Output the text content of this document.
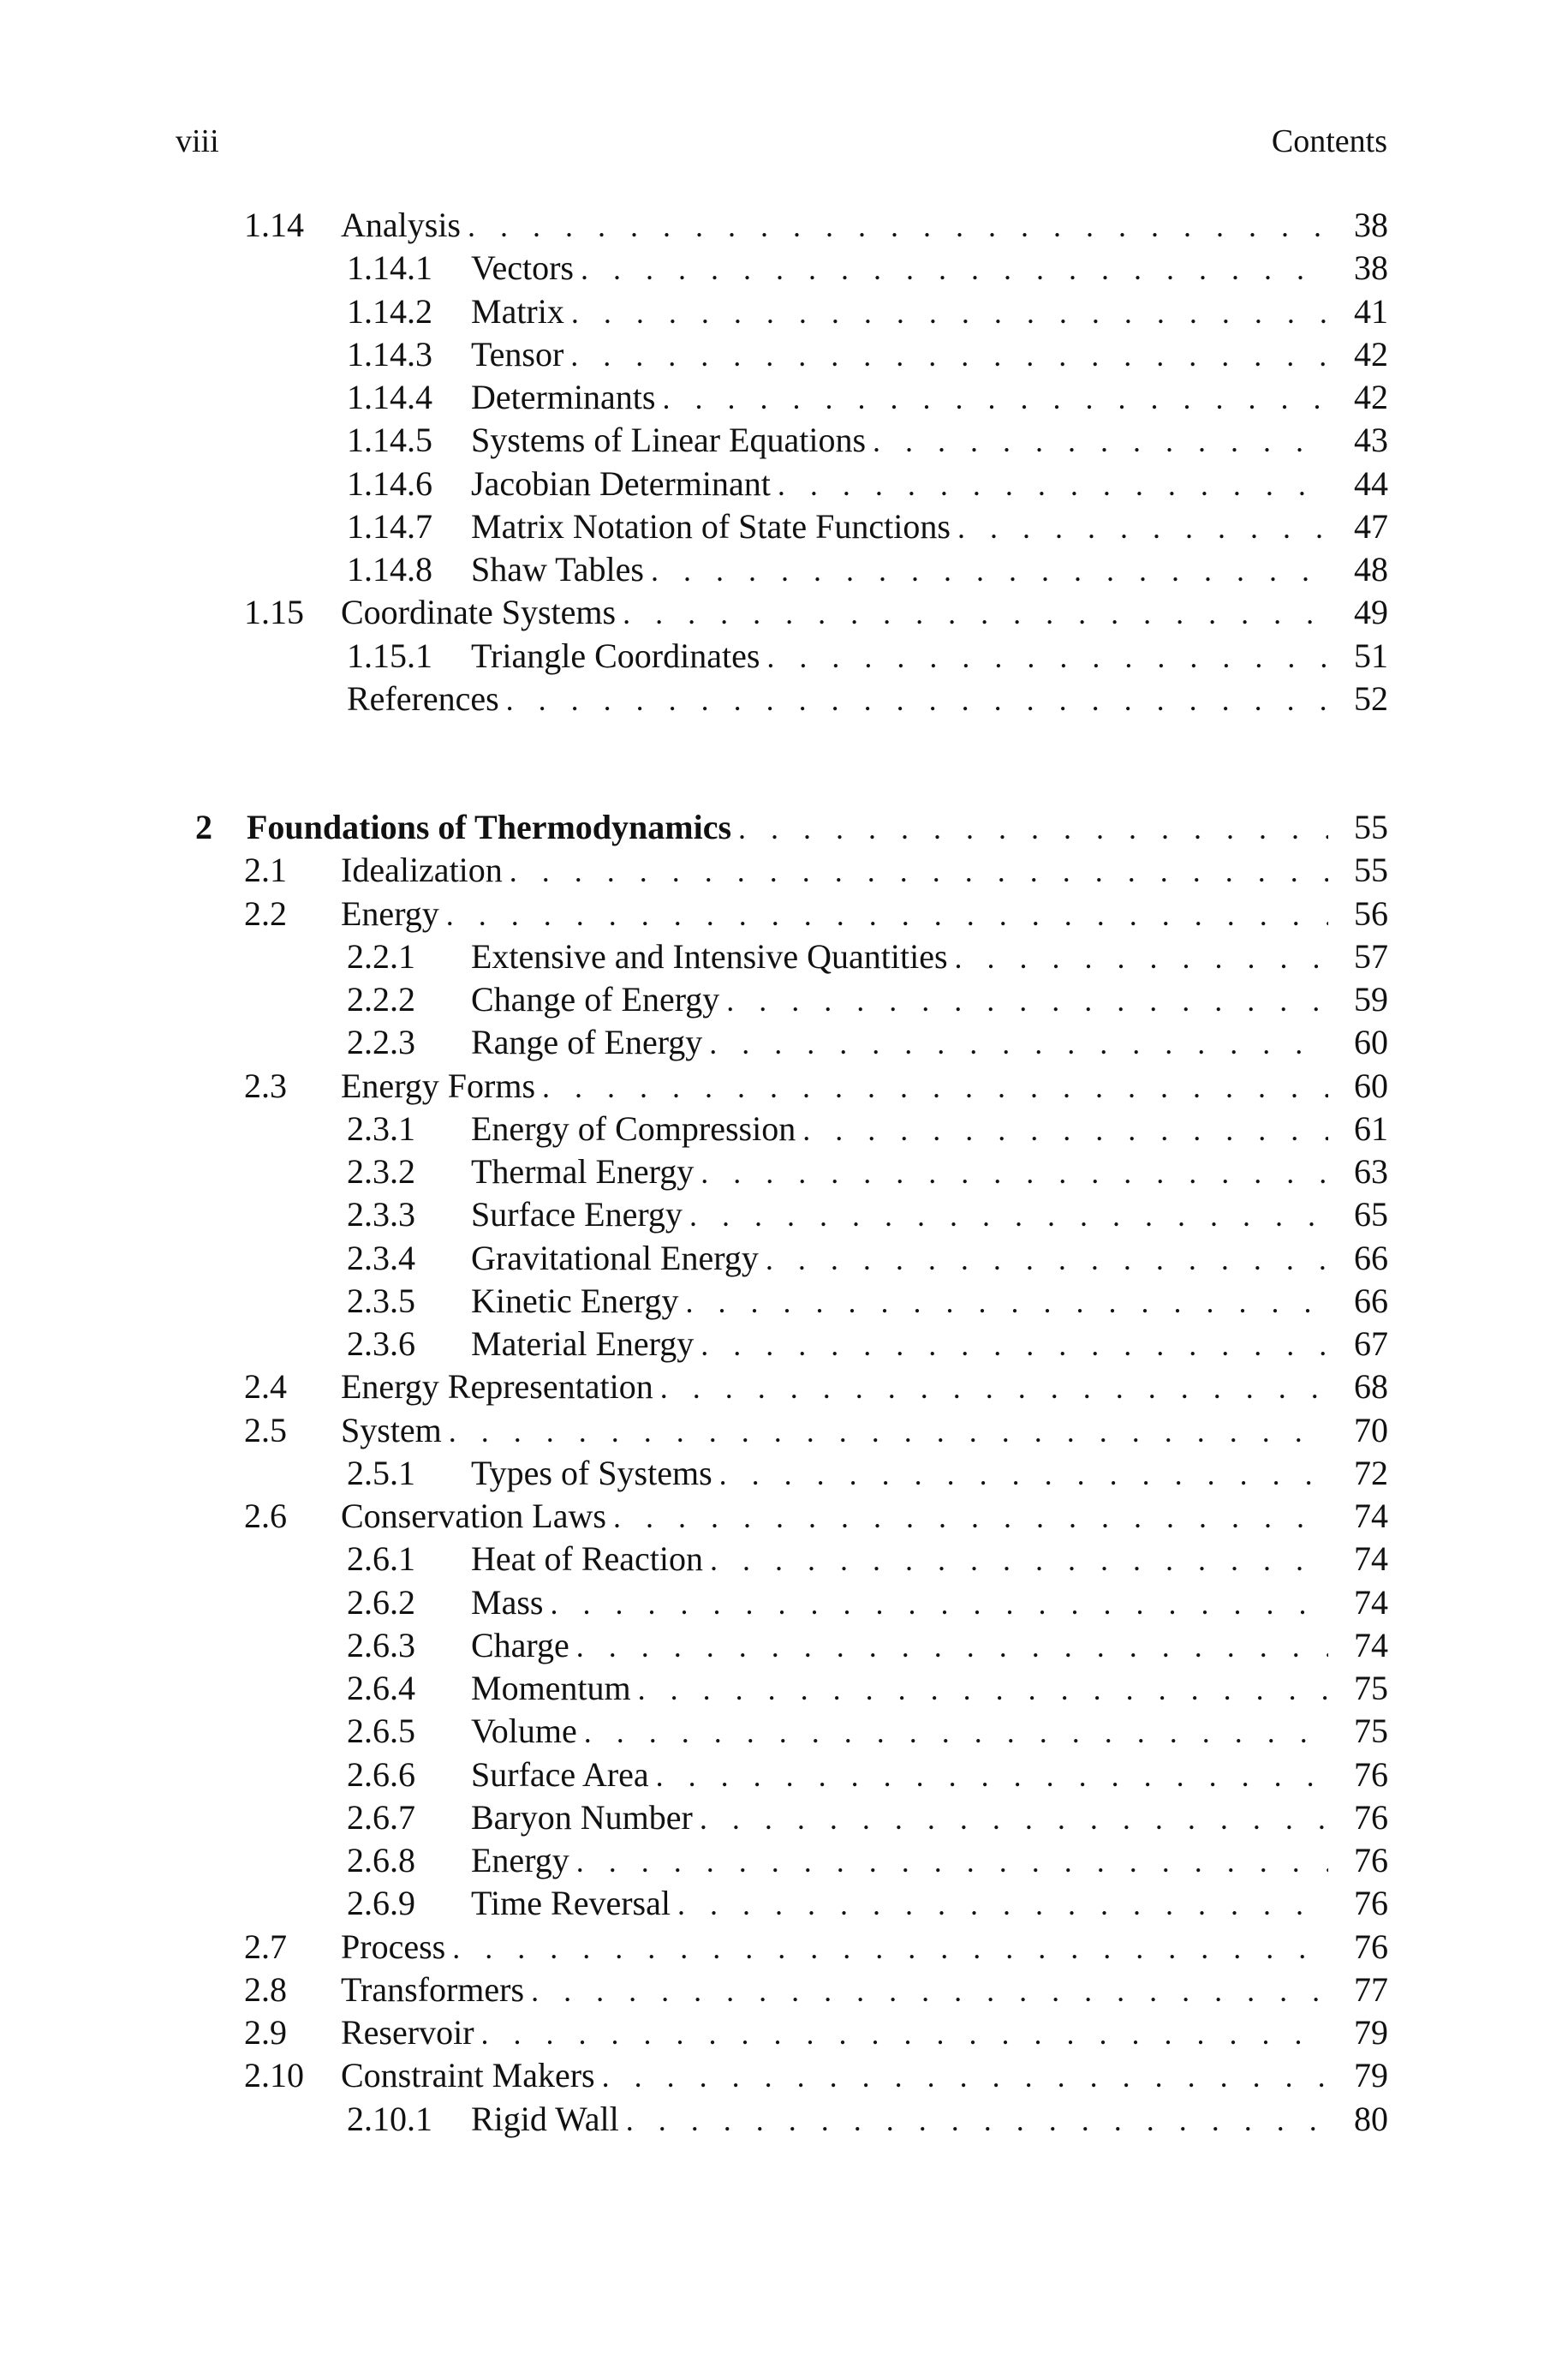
viii	Contents
1.14 Analysis . . .	38
1.14.1 Vectors . . .	38
1.14.2 Matrix . . .	41
1.14.3 Tensor . . .	42
1.14.4 Determinants . . .	42
1.14.5 Systems of Linear Equations . . .	43
1.14.6 Jacobian Determinant . . .	44
1.14.7 Matrix Notation of State Functions . . .	47
1.14.8 Shaw Tables . . .	48
1.15 Coordinate Systems . . .	49
1.15.1 Triangle Coordinates . . .	51
References . . .	52
2 Foundations of Thermodynamics . . .	55
2.1 Idealization . . .	55
2.2 Energy . . .	56
2.2.1 Extensive and Intensive Quantities . . .	57
2.2.2 Change of Energy . . .	59
2.2.3 Range of Energy . . .	60
2.3 Energy Forms . . .	60
2.3.1 Energy of Compression . . .	61
2.3.2 Thermal Energy . . .	63
2.3.3 Surface Energy . . .	65
2.3.4 Gravitational Energy . . .	66
2.3.5 Kinetic Energy . . .	66
2.3.6 Material Energy . . .	67
2.4 Energy Representation . . .	68
2.5 System . . .	70
2.5.1 Types of Systems . . .	72
2.6 Conservation Laws . . .	74
2.6.1 Heat of Reaction . . .	74
2.6.2 Mass . . .	74
2.6.3 Charge . . .	74
2.6.4 Momentum . . .	75
2.6.5 Volume . . .	75
2.6.6 Surface Area . . .	76
2.6.7 Baryon Number . . .	76
2.6.8 Energy . . .	76
2.6.9 Time Reversal . . .	76
2.7 Process . . .	76
2.8 Transformers . . .	77
2.9 Reservoir . . .	79
2.10 Constraint Makers . . .	79
2.10.1 Rigid Wall . . .	80
